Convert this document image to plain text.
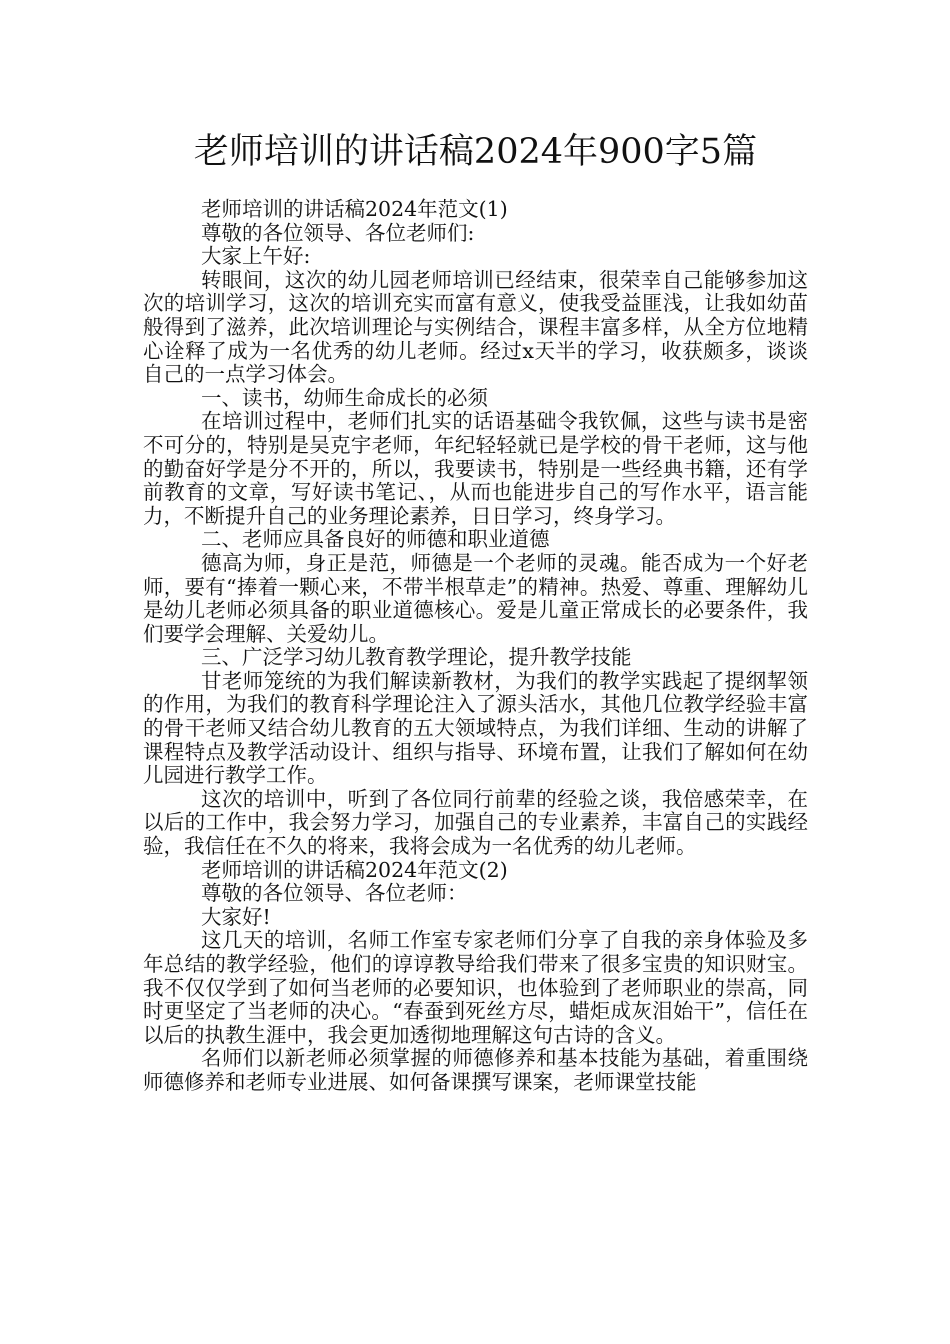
老师培训的讲话稿2024年900字5篇

老师培训的讲话稿2024年范文(1)

尊敬的各位领导、各位老师们:

大家上午好:

转眼间，这次的幼儿园老师培训已经结束，很荣幸自己能够参加这次的培训学习，这次的培训充实而富有意义，使我受益匪浅，让我如幼苗般得到了滋养，此次培训理论与实例结合，课程丰富多样，从全方位地精心诠释了成为一名优秀的幼儿老师。经过x天半的学习，收获颇多，谈谈自己的一点学习体会。

一、读书，幼师生命成长的必须

在培训过程中，老师们扎实的话语基础令我钦佩，这些与读书是密不可分的，特别是吴克宇老师，年纪轻轻就已是学校的骨干老师，这与他的勤奋好学是分不开的，所以，我要读书，特别是一些经典书籍，还有学前教育的文章，写好读书笔记、，从而也能进步自己的写作水平，语言能力，不断提升自己的业务理论素养，日日学习，终身学习。

二、老师应具备良好的师德和职业道德

德高为师，身正是范，师德是一个老师的灵魂。能否成为一个好老师，要有“捧着一颗心来，不带半根草走”的精神。热爱、尊重、理解幼儿是幼儿老师必须具备的职业道德核心。爱是儿童正常成长的必要条件，我们要学会理解、关爱幼儿。

三、广泛学习幼儿教育教学理论，提升教学技能

甘老师笼统的为我们解读新教材，为我们的教学实践起了提纲挈领的作用，为我们的教育科学理论注入了源头活水，其他几位教学经验丰富的骨干老师又结合幼儿教育的五大领域特点，为我们详细、生动的讲解了课程特点及教学活动设计、组织与指导、环境布置，让我们了解如何在幼儿园进行教学工作。

这次的培训中，听到了各位同行前辈的经验之谈，我倍感荣幸，在以后的工作中，我会努力学习，加强自己的专业素养，丰富自己的实践经验，我信任在不久的将来，我将会成为一名优秀的幼儿老师。

老师培训的讲话稿2024年范文(2)

尊敬的各位领导、各位老师：

大家好!

这几天的培训，名师工作室专家老师们分享了自我的亲身体验及多年总结的教学经验，他们的谆谆教导给我们带来了很多宝贵的知识财宝。我不仅仅学到了如何当老师的必要知识，也体验到了老师职业的崇高，同时更坚定了当老师的决心。“春蚕到死丝方尽，蜡炬成灰泪始干”，信任在以后的执教生涯中，我会更加透彻地理解这句古诗的含义。

名师们以新老师必须掌握的师德修养和基本技能为基础，着重围绕师德修养和老师专业进展、如何备课撰写课案，老师课堂技能
